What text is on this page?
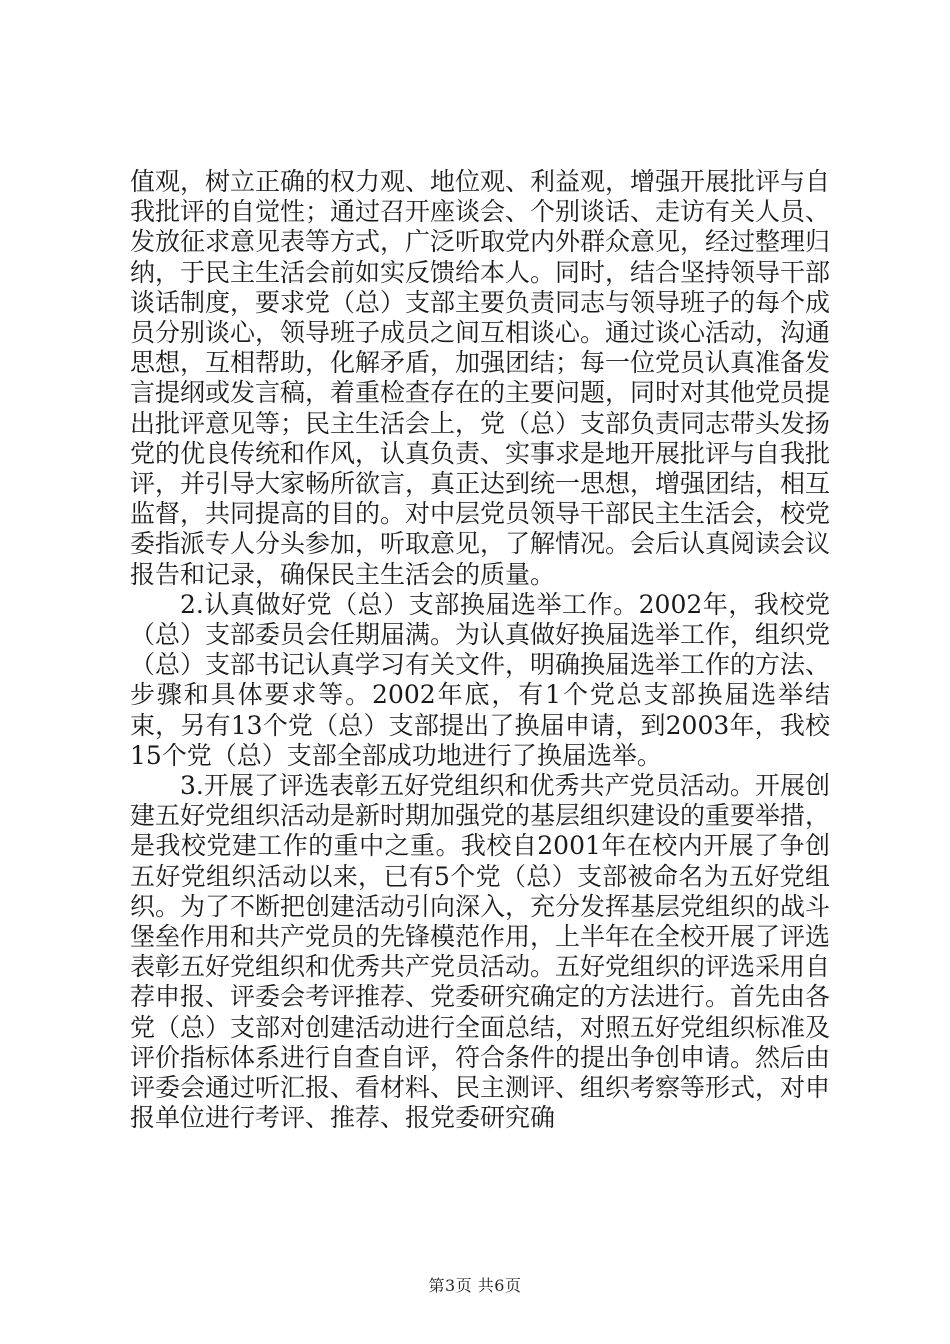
值观，树立正确的权力观、地位观、利益观，增强开展批评与自我批评的自觉性；通过召开座谈会、个别谈话、走访有关人员、发放征求意见表等方式，广泛听取党内外群众意见，经过整理归纳，于民主生活会前如实反馈给本人。同时，结合坚持领导干部谈话制度，要求党（总）支部主要负责同志与领导班子的每个成员分别谈心，领导班子成员之间互相谈心。通过谈心活动，沟通思想，互相帮助，化解矛盾，加强团结；每一位党员认真准备发言提纲或发言稿，着重检查存在的主要问题，同时对其他党员提出批评意见等；民主生活会上，党（总）支部负责同志带头发扬党的优良传统和作风，认真负责、实事求是地开展批评与自我批评，并引导大家畅所欲言，真正达到统一思想，增强团结，相互监督，共同提高的目的。对中层党员领导干部民主生活会，校党委指派专人分头参加，听取意见，了解情况。会后认真阅读会议报告和记录，确保民主生活会的质量。

2.认真做好党（总）支部换届选举工作。2002年，我校党（总）支部委员会任期届满。为认真做好换届选举工作，组织党（总）支部书记认真学习有关文件，明确换届选举工作的方法、步骤和具体要求等。2002年底，有1个党总支部换届选举结束，另有13个党（总）支部提出了换届申请，到2003年，我校15个党（总）支部全部成功地进行了换届选举。

3.开展了评选表彰五好党组织和优秀共产党员活动。开展创建五好党组织活动是新时期加强党的基层组织建设的重要举措，是我校党建工作的重中之重。我校自2001年在校内开展了争创五好党组织活动以来，已有5个党（总）支部被命名为五好党组织。为了不断把创建活动引向深入，充分发挥基层党组织的战斗堡垒作用和共产党员的先锋模范作用，上半年在全校开展了评选表彰五好党组织和优秀共产党员活动。五好党组织的评选采用自荐申报、评委会考评推荐、党委研究确定的方法进行。首先由各党（总）支部对创建活动进行全面总结，对照五好党组织标准及评价指标体系进行自查自评，符合条件的提出争创申请。然后由评委会通过听汇报、看材料、民主测评、组织考察等形式，对申报单位进行考评、推荐、报党委研究确

第3页 共6页
